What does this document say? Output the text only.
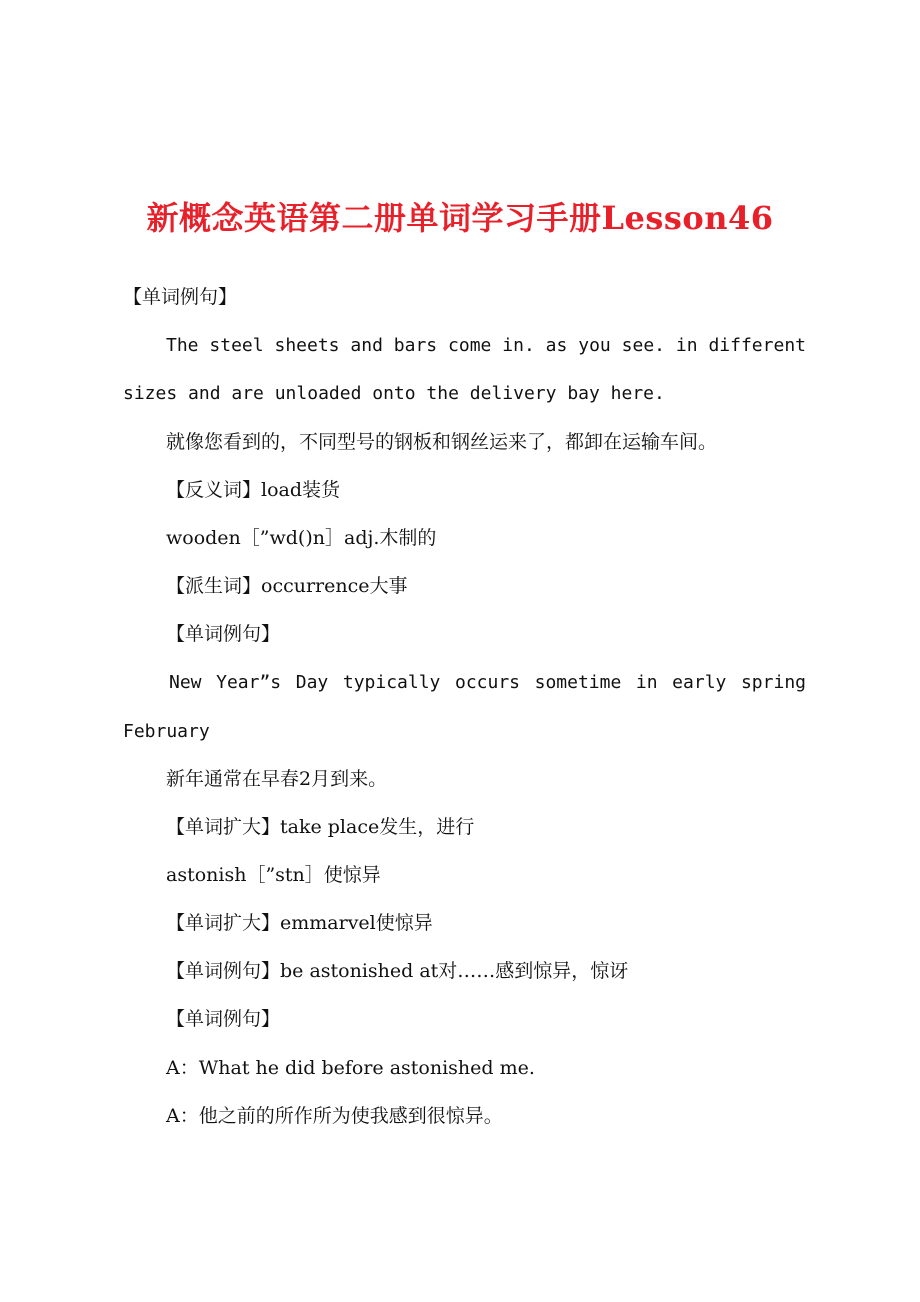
新概念英语第二册单词学习手册Lesson46
【单词例句】
The steel sheets and bars come in. as you see. in different
sizes and are unloaded onto the delivery bay here.
就像您看到的，不同型号的钢板和钢丝运来了，都卸在运输车间。
【反义词】load装货
wooden［”wd()n］adj.木制的
【派生词】occurrence大事
【单词例句】
New Year”s Day typically occurs sometime in early spring
February
新年通常在早春2月到来。
【单词扩大】take place发生，进行
astonish［”stn］使惊异
【单词扩大】emmarvel使惊异
【单词例句】be astonished at对……感到惊异，惊讶
【单词例句】
A：What he did before astonished me.
A：他之前的所作所为使我感到很惊异。
